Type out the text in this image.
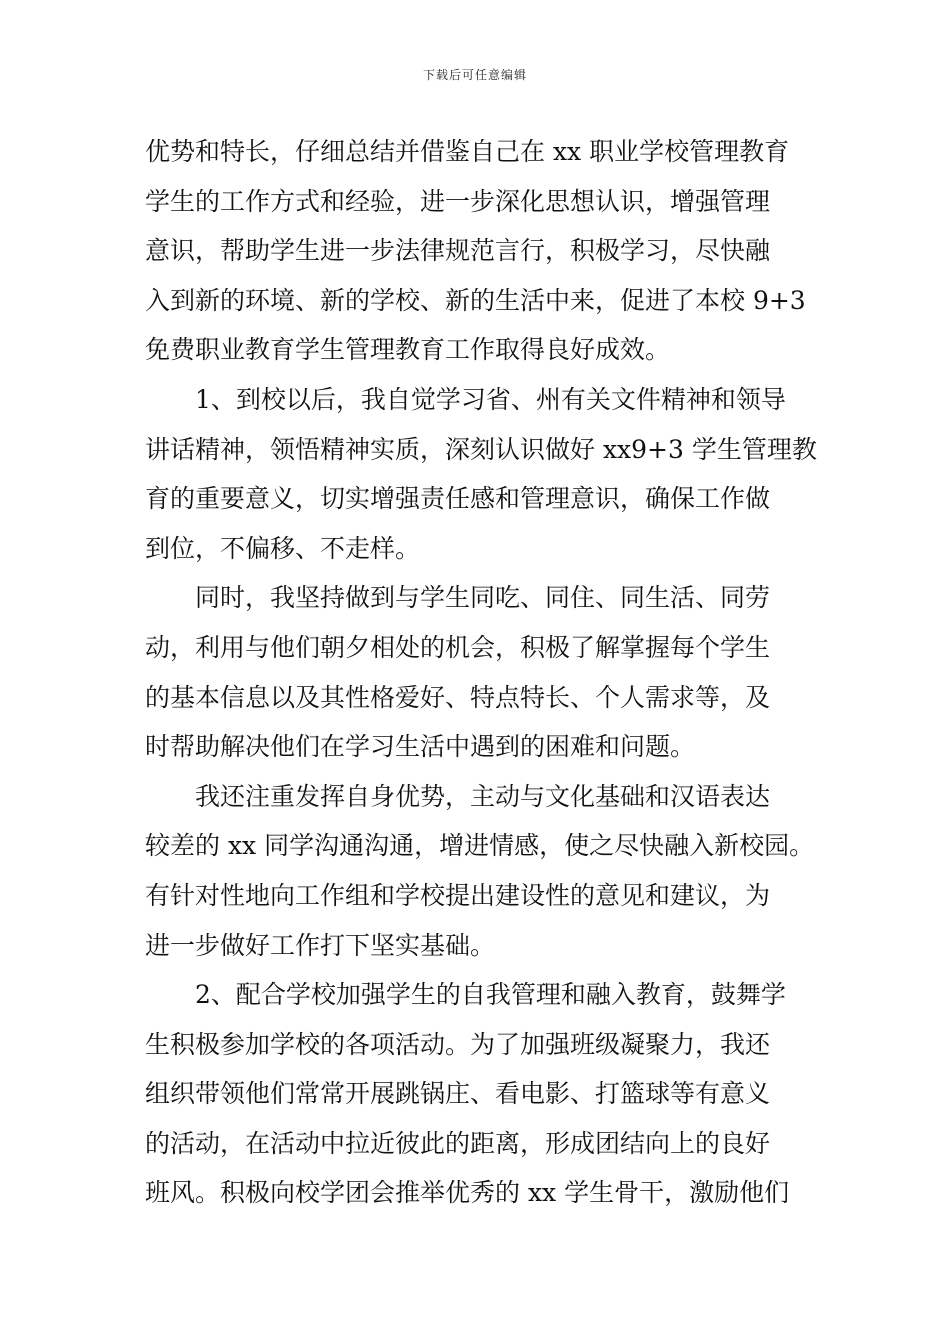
下载后可任意编辑
优势和特长，仔细总结并借鉴自己在 xx 职业学校管理教育
学生的工作方式和经验，进一步深化思想认识，增强管理
意识，帮助学生进一步法律规范言行，积极学习，尽快融
入到新的环境、新的学校、新的生活中来，促进了本校 9+3
免费职业教育学生管理教育工作取得良好成效。
　　1、到校以后，我自觉学习省、州有关文件精神和领导
讲话精神，领悟精神实质，深刻认识做好 xx9+3 学生管理教
育的重要意义，切实增强责任感和管理意识，确保工作做
到位，不偏移、不走样。
　　同时，我坚持做到与学生同吃、同住、同生活、同劳
动，利用与他们朝夕相处的机会，积极了解掌握每个学生
的基本信息以及其性格爱好、特点特长、个人需求等，及
时帮助解决他们在学习生活中遇到的困难和问题。
　　我还注重发挥自身优势，主动与文化基础和汉语表达
较差的 xx 同学沟通沟通，增进情感，使之尽快融入新校园。
有针对性地向工作组和学校提出建设性的意见和建议，为
进一步做好工作打下坚实基础。
　　2、配合学校加强学生的自我管理和融入教育，鼓舞学
生积极参加学校的各项活动。为了加强班级凝聚力，我还
组织带领他们常常开展跳锅庄、看电影、打篮球等有意义
的活动，在活动中拉近彼此的距离，形成团结向上的良好
班风。积极向校学团会推举优秀的 xx 学生骨干，激励他们
